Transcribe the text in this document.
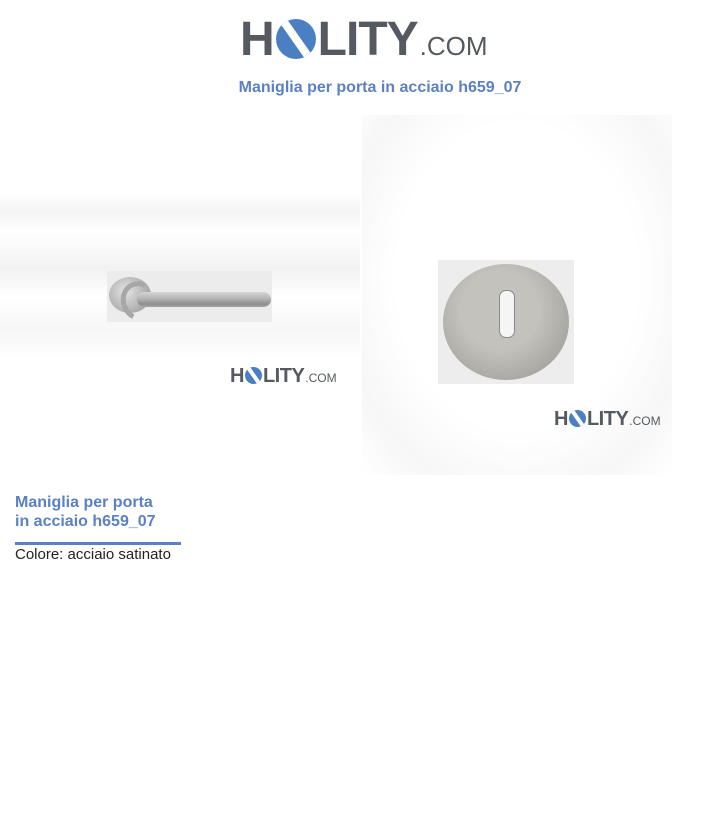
H LITY .COM
Maniglia per porta in acciaio h659_07
H LITY .COM
H LITY .COM
Maniglia per porta
in acciaio h659_07
Colore: acciaio satinato
